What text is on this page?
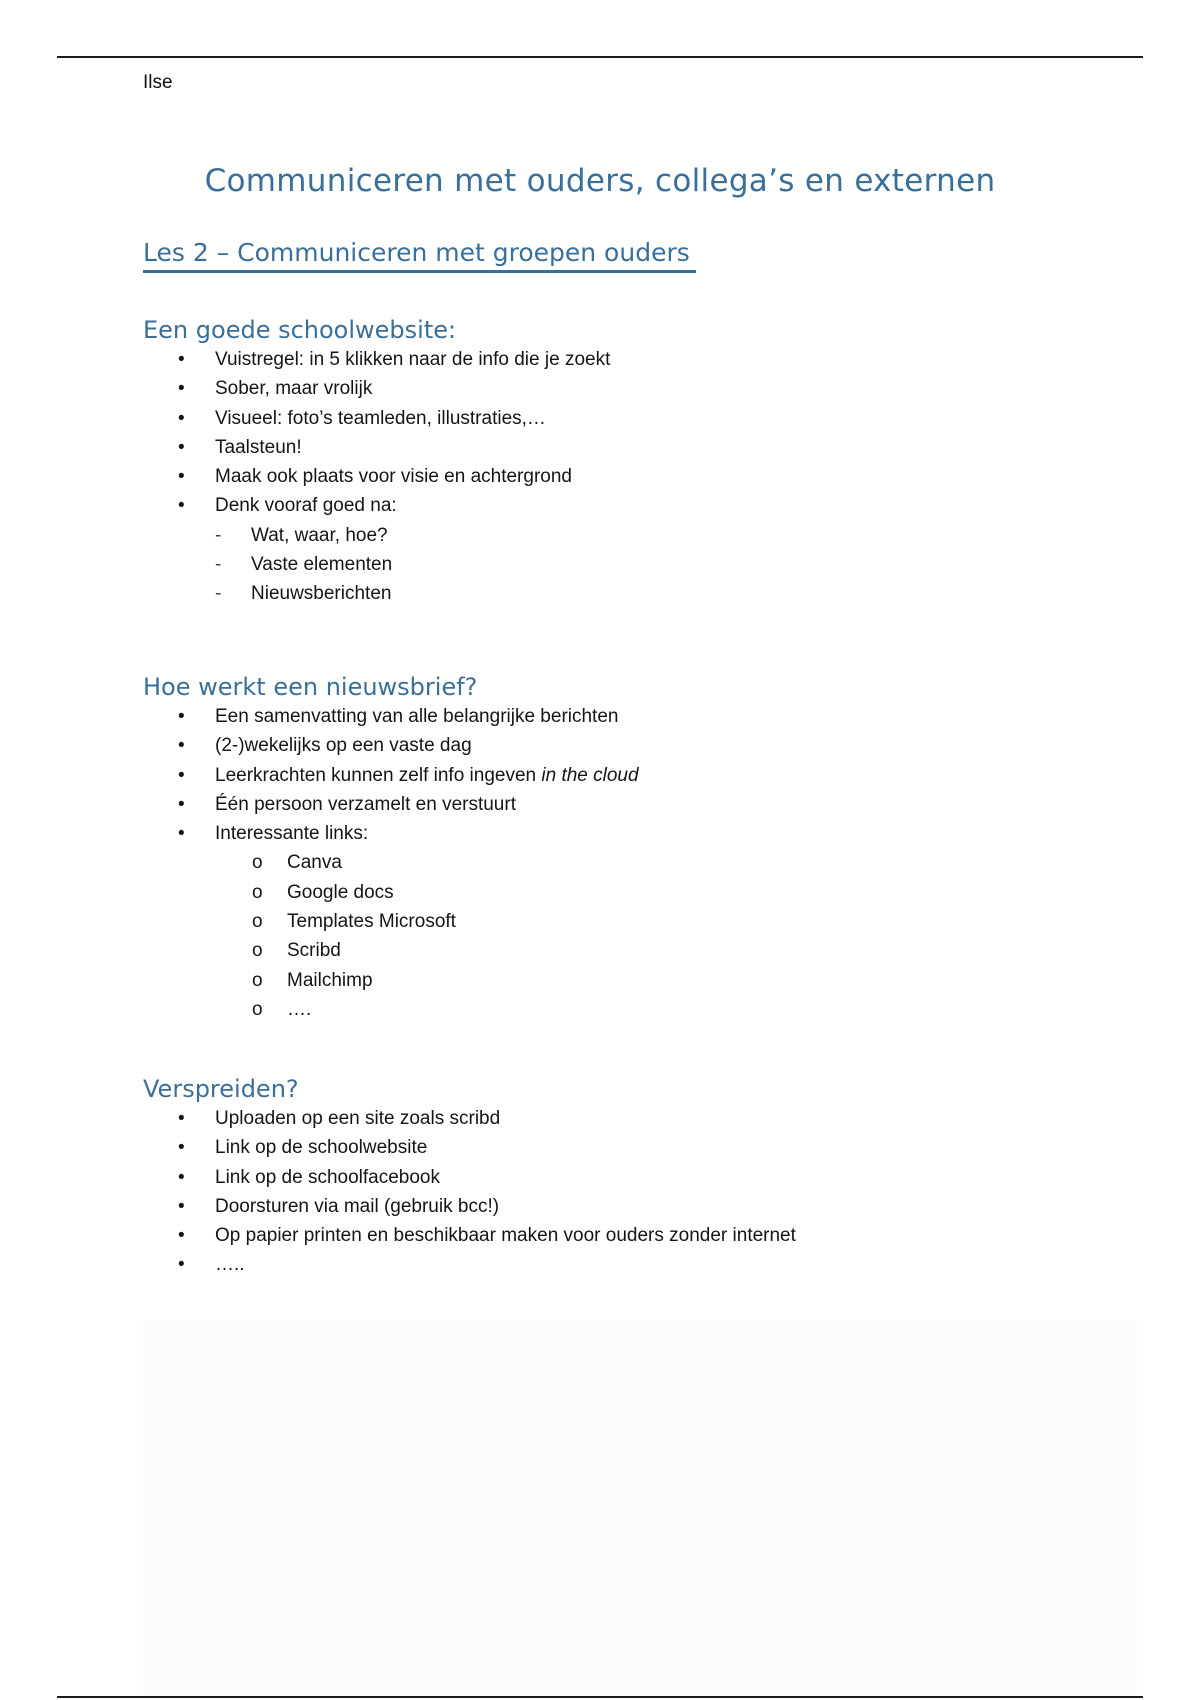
Ilse
Communiceren met ouders, collega’s en externen
Les 2 – Communiceren met groepen ouders
Een goede schoolwebsite:
•	Vuistregel: in 5 klikken naar de info die je zoekt
•	Sober, maar vrolijk
•	Visueel: foto’s teamleden, illustraties,…
•	Taalsteun!
•	Maak ook plaats voor visie en achtergrond
•	Denk vooraf goed na:
-	Wat, waar, hoe?
-	Vaste elementen
-	Nieuwsberichten
Hoe werkt een nieuwsbrief?
•	Een samenvatting van alle belangrijke berichten
•	(2-)wekelijks op een vaste dag
•	Leerkrachten kunnen zelf info ingeven in the cloud
•	Één persoon verzamelt en verstuurt
•	Interessante links:
o	Canva
o	Google docs
o	Templates Microsoft
o	Scribd
o	Mailchimp
o	….
Verspreiden?
•	Uploaden op een site zoals scribd
•	Link op de schoolwebsite
•	Link op de schoolfacebook
•	Doorsturen via mail (gebruik bcc!)
•	Op papier printen en beschikbaar maken voor ouders zonder internet
•	…..
